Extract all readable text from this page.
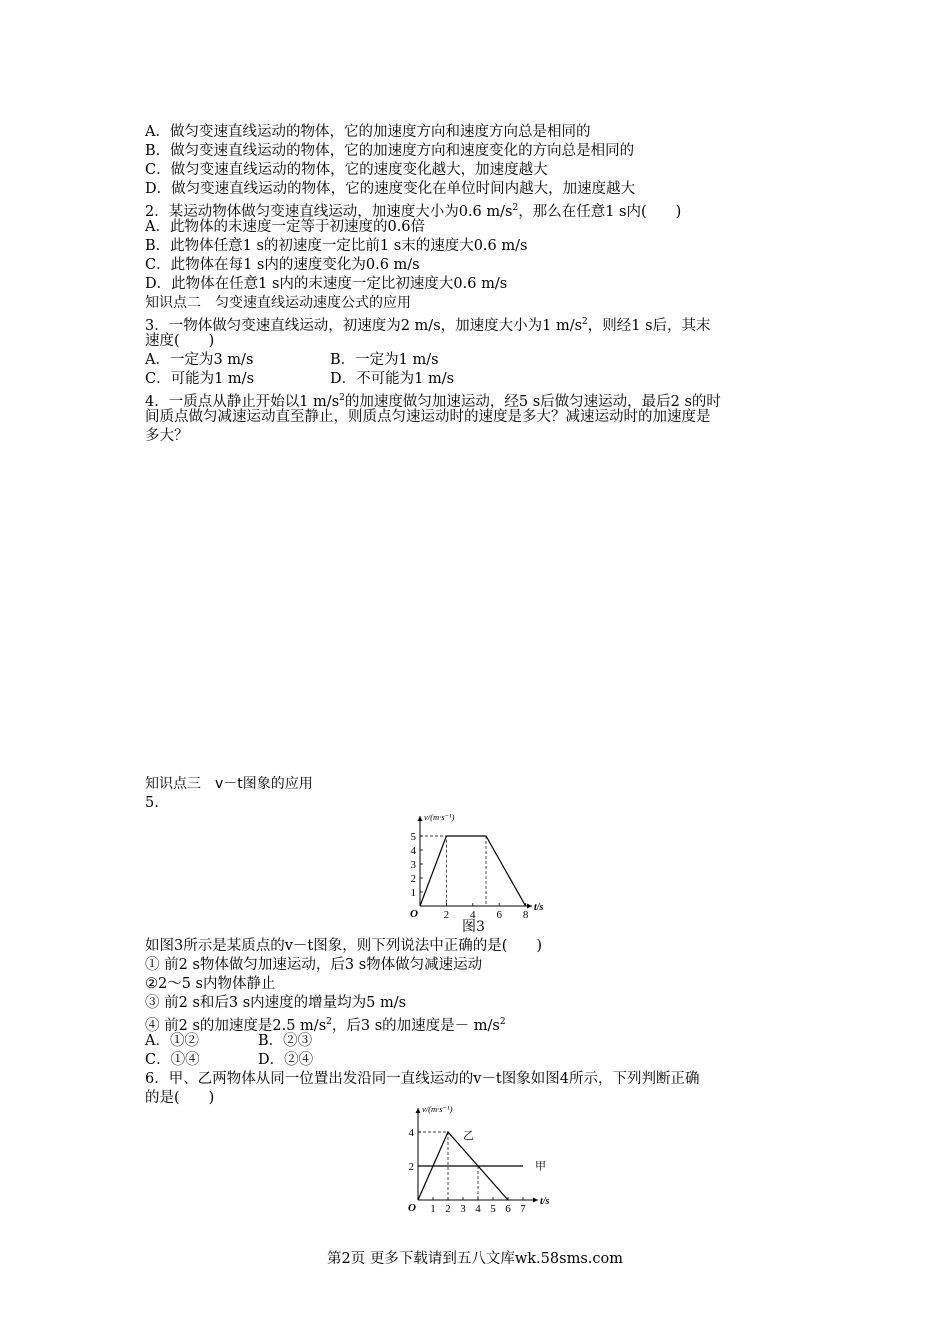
A．做匀变速直线运动的物体，它的加速度方向和速度方向总是相同的
B．做匀变速直线运动的物体，它的加速度方向和速度变化的方向总是相同的
C．做匀变速直线运动的物体，它的速度变化越大，加速度越大
D．做匀变速直线运动的物体，它的速度变化在单位时间内越大，加速度越大
2．某运动物体做匀变速直线运动，加速度大小为0.6 $m/s^2$，那么在任意1 s内(　　)
A．此物体的末速度一定等于初速度的0.6倍
B．此物体任意1 s的初速度一定比前1 s末的速度大0.6 m/s
C．此物体在每1 s内的速度变化为0.6 m/s
D．此物体在任意1 s内的末速度一定比初速度大0.6 m/s
知识点二　匀变速直线运动速度公式的应用
3．一物体做匀变速直线运动，初速度为2 m/s，加速度大小为1 $m/s^2$，则经1 s后，其末
速度(　　)
A．一定为3 m/s	B．一定为1 m/s
C．可能为1 m/s	D．不可能为1 m/s
4．一质点从静止开始以1 $m/s^2$的加速度做匀加速运动，经5 s后做匀速运动，最后2 s的时
间质点做匀减速运动直至静止，则质点匀速运动时的速度是多大？减速运动时的加速度是
多大？
知识点三　v－t图象的应用
5.
v/(m·s⁻¹)
t/s
O 2 4 6 8
1
2
3
4
5
图3
如图3所示是某质点的v－t图象，则下列说法中正确的是(　　)
① 前2 s物体做匀加速运动，后3 s物体做匀减速运动
②2～5 s内物体静止
③ 前2 s和后3 s内速度的增量均为5 m/s
④ 前2 s的加速度是2.5 $m/s^2$，后3 s的加速度是－ $m/s^2$
A．①②	B．②③
C．①④	D．②④
6．甲、乙两物体从同一位置出发沿同一直线运动的v－t图象如图4所示，下列判断正确
的是(　　)
v/(m·s⁻¹)
t/s
O 1 2 3 4 5 6 7
2
4
甲
乙
第2页 更多下载请到五八文库wk.58sms.com
